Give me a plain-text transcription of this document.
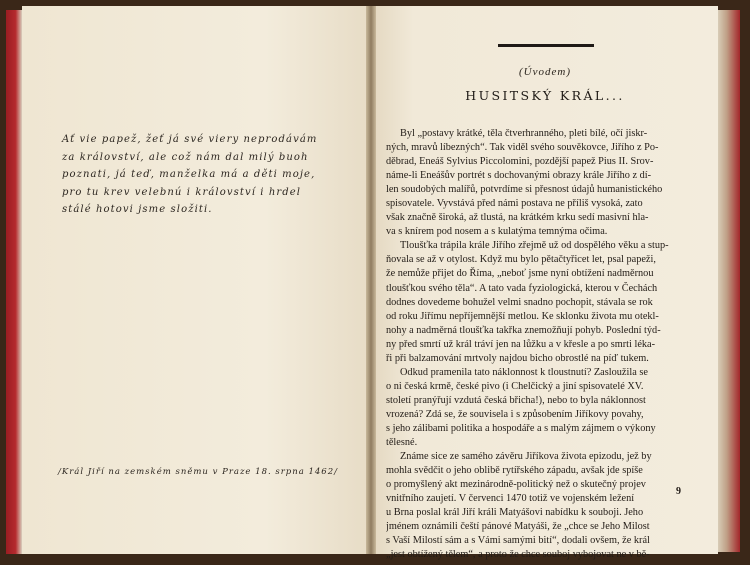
Ať vie papež, žeť já své viery neprodávám
za království, ale což nám dal milý buoh
poznati, já teď, manželka má a děti moje,
pro tu krev velebnú i království i hrdel
stálé hotovi jsme složiti.
/Král Jiří na zemském sněmu v Praze 18. srpna 1462/
(Úvodem)
HUSITSKÝ KRÁL...
Byl „postavy krátké, těla čtverhranného, pleti bílé, očí jiskr-
ných, mravů líbezných“. Tak viděl svého souvěkovce, Jiřího z Po-
děbrad, Eneáš Sylvius Piccolomini, pozdější papež Pius II. Srov-
náme-li Eneášův portrét s dochovanými obrazy krále Jiřího z dí-
len soudobých malířů, potvrdíme si přesnost údajů humanistického
spisovatele. Vyvstává před námi postava ne příliš vysoká, zato
však značně široká, až tlustá, na krátkém krku sedí masivní hla-
va s knírem pod nosem a s kulatýma temnýma očima.
Tloušťka trápila krále Jiřího zřejmě už od dospělého věku a stup-
ňovala se až v otylost. Když mu bylo pětačtyřicet let, psal papeži,
že nemůže přijet do Říma, „neboť jsme nyní obtížení nadměrnou
tloušťkou svého těla“. A tato vada fyziologická, kterou v Čechách
dodnes dovedeme bohužel velmi snadno pochopit, stávala se rok
od roku Jiřímu nepříjemnější metlou. Ke sklonku života mu otekl-
nohy a nadměrná tloušťka takřka znemožňují pohyb. Poslední týd-
ny před smrtí už král tráví jen na lůžku a v křesle a po smrti léka-
ři při balzamování mrtvoly najdou bicho obrostlé na píď tukem.
Odkud pramenila tato náklonnost k tloustnutí? Zasloužila se
o ni česká krmě, české pivo (i Chelčický a jiní spisovatelé XV.
století pranýřují vzdutá česká břicha!), nebo to byla náklonnost
vrozená? Zdá se, že souvisela i s způsobením Jiříkovy povahy,
s jeho zálibami politika a hospodáře a s malým zájmem o výkony
tělesné.
Známe sice ze samého závěru Jiříkova života epizodu, jež by
mohla svědčit o jeho oblibě rytířského západu, avšak jde spíše
o promyšlený akt mezinárodně-politický než o skutečný projev
vnitřního zaujetí. V červenci 1470 totiž ve vojenském ležení
u Brna poslal král Jiří králi Matyášovi nabídku k souboji. Jeho
jménem oznámili čeští pánové Matyáši, že „chce se Jeho Milost
s Vaší Milostí sám a s Vámi samými bití“, dodali ovšem, že král
„jest obtížený tělem“, a proto že chce souboj vybojovat ne v bě-
9
